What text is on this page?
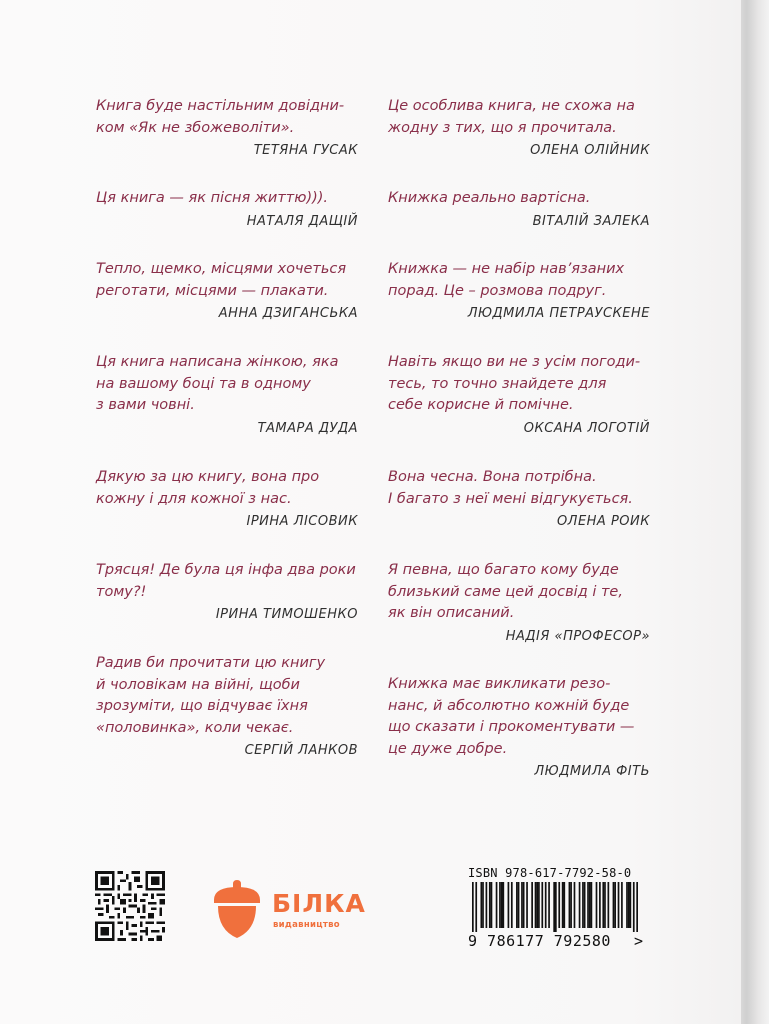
Книга буде настільним довідни-
ком «Як не збожеволіти».

ТЕТЯНА ГУСАК

Ця книга — як пісня життю))).

НАТАЛЯ ДАЩІЙ

Тепло, щемко, місцями хочеться
реготати, місцями — плакати.

АННА ДЗИГАНСЬКА

Ця книга написана жінкою, яка
на вашому боці та в одному
з вами човні.

ТАМАРА ДУДА

Дякую за цю книгу, вона про
кожну і для кожної з нас.

ІРИНА ЛІСОВИК

Трясця! Де була ця інфа два роки
тому?!

ІРИНА ТИМОШЕНКО

Радив би прочитати цю книгу
й чоловікам на війні, щоби
зрозуміти, що відчуває їхня
«половинка», коли чекає.

СЕРГІЙ ЛАНКОВ

Це особлива книга, не схожа на
жодну з тих, що я прочитала.

ОЛЕНА ОЛІЙНИК

Книжка реально вартісна.

ВІТАЛІЙ ЗАЛЕКА

Книжка — не набір нав’язаних
порад. Це – розмова подруг.

ЛЮДМИЛА ПЕТРАУСКЕНЕ

Навіть якщо ви не з усім погоди-
тесь, то точно знайдете для
себе корисне й помічне.

ОКСАНА ЛОГОТІЙ

Вона чесна. Вона потрібна.
І багато з неї мені відгукується.

ОЛЕНА РОИК

Я певна, що багато кому буде
близький саме цей досвід і те,
як він описаний.

НАДІЯ «ПРОФЕСОР»

Книжка має викликати резо-
нанс, й абсолютно кожній буде
що сказати і прокоментувати —
це дуже добре.

ЛЮДМИЛА ФІТЬ
БІЛКА
видавництво
ISBN 978-617-7792-58-0
9 786177 792580 >
